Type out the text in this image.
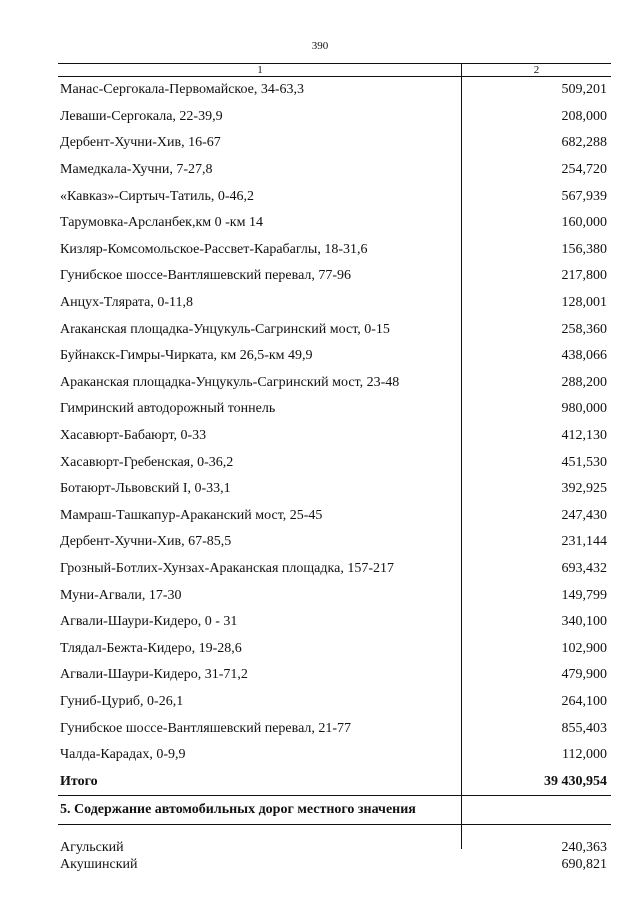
390
1	2
Манас-Сергокала-Первомайское, 34-63,3	509,201
Леваши-Сергокала, 22-39,9	208,000
Дербент-Хучни-Хив, 16-67	682,288
Мамедкала-Хучни, 7-27,8	254,720
«Кавказ»-Сиртыч-Татиль, 0-46,2	567,939
Тарумовка-Арсланбек,км 0 -км 14	160,000
Кизляр-Комсомольское-Рассвет-Карабаглы, 18-31,6	156,380
Гунибское шоссе-Вантляшевский перевал, 77-96	217,800
Анцух-Тлярата, 0-11,8	128,001
Araканская площадка-Унцукуль-Сагринский мост, 0-15	258,360
Буйнакск-Гимры-Чирката, км 26,5-км 49,9	438,066
Араканская площадка-Унцукуль-Сагринский мост, 23-48	288,200
Гимринский автодорожный тоннель	980,000
Хасавюрт-Бабаюрт, 0-33	412,130
Хасавюрт-Гребенская, 0-36,2	451,530
Ботаюрт-Львовский I, 0-33,1	392,925
Мамраш-Ташкапур-Араканский мост, 25-45	247,430
Дербент-Хучни-Хив, 67-85,5	231,144
Грозный-Ботлих-Хунзах-Араканская площадка, 157-217	693,432
Муни-Агвали, 17-30	149,799
Агвали-Шаури-Кидеро, 0 - 31	340,100
Тлядал-Бежта-Кидеро, 19-28,6	102,900
Агвали-Шаури-Кидеро, 31-71,2	479,900
Гуниб-Цуриб, 0-26,1	264,100
Гунибское шоссе-Вантляшевский перевал, 21-77	855,403
Чалда-Карадах, 0-9,9	112,000
Итого	39 430,954
5. Содержание автомобильных дорог местного значения
Агульский	240,363
Акушинский	690,821
